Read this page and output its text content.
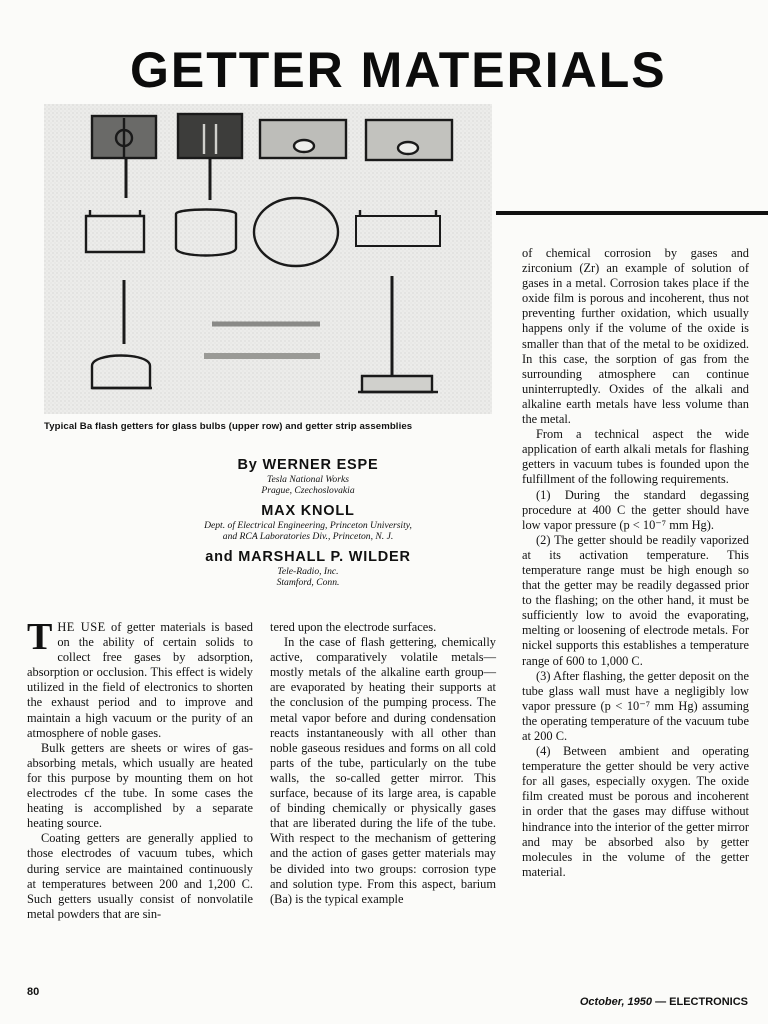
GETTER MATERIALS
Typical Ba flash getters for glass bulbs (upper row) and getter strip assemblies
By WERNER ESPE
Tesla National Works
Prague, Czechoslovakia
MAX KNOLL
Dept. of Electrical Engineering, Princeton University,
and RCA Laboratories Div., Princeton, N. J.
and MARSHALL P. WILDER
Tele-Radio, Inc.
Stamford, Conn.

THE USE of getter materials is based on the ability of certain solids to collect free gases by adsorption, absorption or occlusion. This effect is widely utilized in the field of electronics to shorten the exhaust period and to improve and maintain a high vacuum or the purity of an atmosphere of noble gases.

Bulk getters are sheets or wires of gas-absorbing metals, which usually are heated for this purpose by mounting them on hot electrodes cf the tube. In some cases the heating is accomplished by a separate heating source.

Coating getters are generally applied to those electrodes of vacuum tubes, which during service are maintained continuously at temperatures between 200 and 1,200 C. Such getters usually consist of nonvolatile metal powders that are sin-

tered upon the electrode surfaces.

In the case of flash gettering, chemically active, comparatively volatile metals—mostly metals of the alkaline earth group—are evaporated by heating their supports at the conclusion of the pumping process. The metal vapor before and during condensation reacts instantaneously with all other than noble gaseous residues and forms on all cold parts of the tube, particularly on the tube walls, the so-called getter mirror. This surface, because of its large area, is capable of binding chemically or physically gases that are liberated during the life of the tube. With respect to the mechanism of gettering and the action of gases getter materials may be divided into two groups: corrosion type and solution type. From this aspect, barium (Ba) is the typical example

of chemical corrosion by gases and zirconium (Zr) an example of solution of gases in a metal. Corrosion takes place if the oxide film is porous and incoherent, thus not preventing further oxidation, which usually happens only if the volume of the oxide is smaller than that of the metal to be oxidized. In this case, the sorption of gas from the surrounding atmosphere can continue uninterruptedly. Oxides of the alkali and alkaline earth metals have less volume than the metal.

From a technical aspect the wide application of earth alkali metals for flashing getters in vacuum tubes is founded upon the fulfillment of the following requirements.

(1) During the standard degassing procedure at 400 C the getter should have low vapor pressure (p < 10⁻⁷ mm Hg).

(2) The getter should be readily vaporized at its activation temperature. This temperature range must be high enough so that the getter may be readily degassed prior to the flashing; on the other hand, it must be sufficiently low to avoid the evaporating, melting or loosening of electrode metals. For nickel supports this establishes a temperature range of 600 to 1,000 C.

(3) After flashing, the getter deposit on the tube glass wall must have a negligibly low vapor pressure (p < 10⁻⁷ mm Hg) assuming the operating temperature of the vacuum tube at 200 C.

(4) Between ambient and operating temperature the getter should be very active for all gases, especially oxygen. The oxide film created must be porous and incoherent in order that the gases may diffuse without hindrance into the interior of the getter mirror and may be absorbed also by getter molecules in the volume of the getter material.

80
October, 1950 — ELECTRONICS
